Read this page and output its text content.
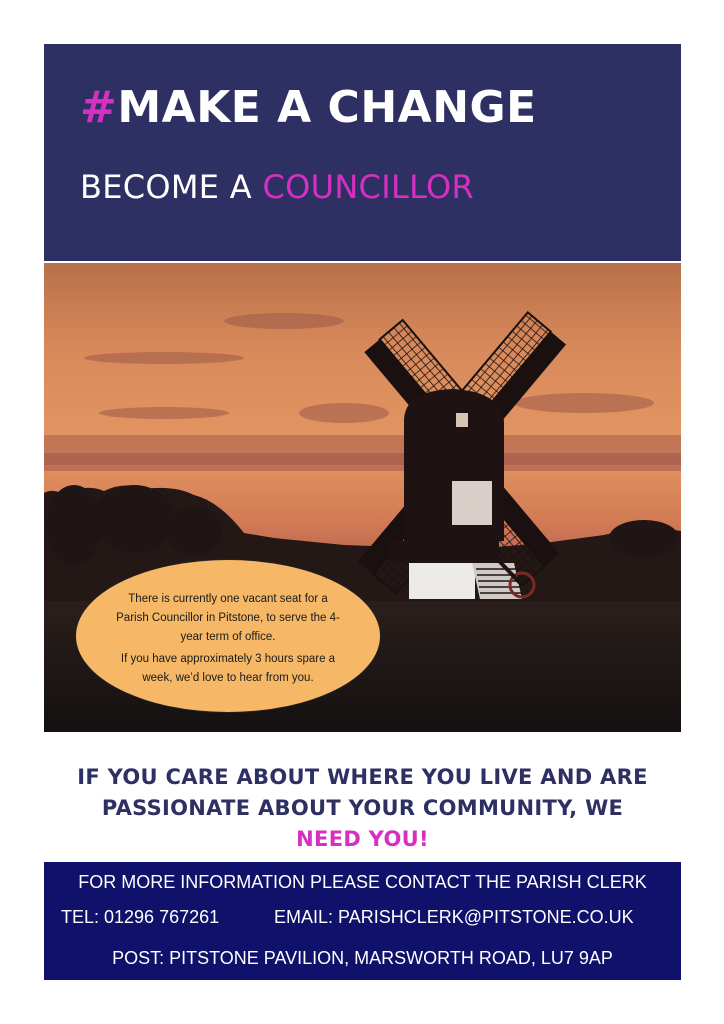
#MAKE A CHANGE
BECOME A COUNCILLOR

There is currently one vacant seat for a Parish Councillor in Pitstone, to serve the 4-year term of office.

If you have approximately 3 hours spare a week, we’d love to hear from you.

IF YOU CARE ABOUT WHERE YOU LIVE AND ARE
PASSIONATE ABOUT YOUR COMMUNITY, WE
NEED YOU!
FOR MORE INFORMATION PLEASE CONTACT THE PARISH CLERK
TEL: 01296 767261	EMAIL: PARISHCLERK@PITSTONE.CO.UK
POST: PITSTONE PAVILION, MARSWORTH ROAD, LU7 9AP
